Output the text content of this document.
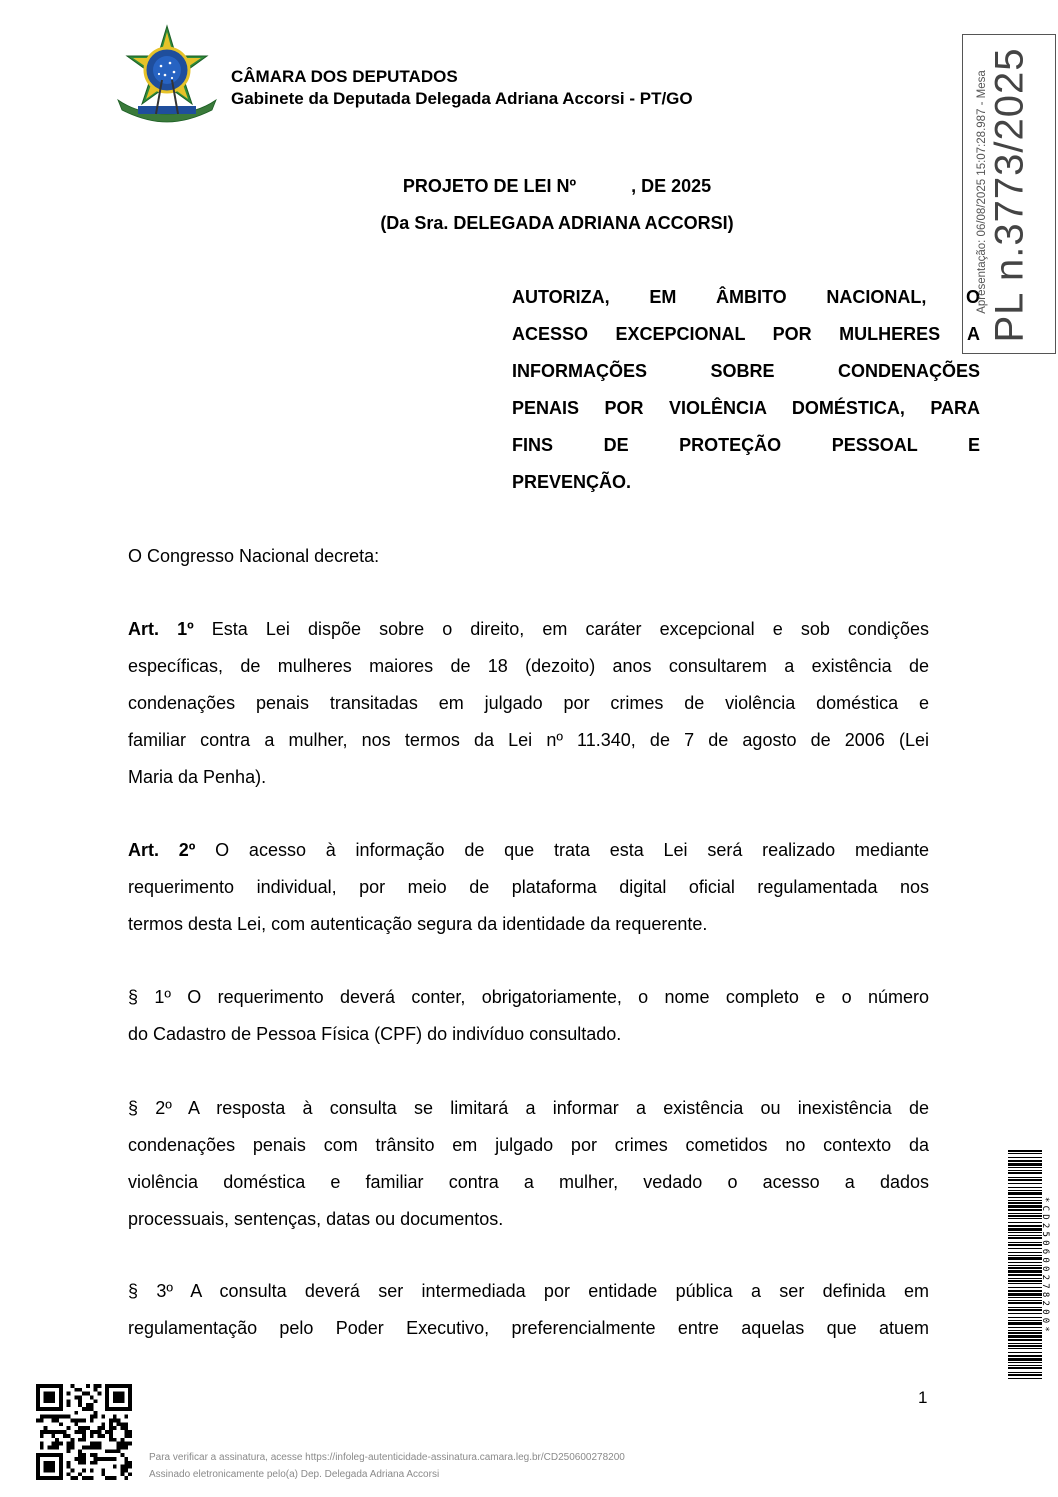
CÂMARA DOS DEPUTADOS
Gabinete da Deputada Delegada Adriana Accorsi - PT/GO
PROJETO DE LEI Nº           , DE 2025
(Da Sra. DELEGADA ADRIANA ACCORSI)
AUTORIZA, EM ÂMBITO NACIONAL, O
ACESSO EXCEPCIONAL POR MULHERES A
INFORMAÇÕES SOBRE CONDENAÇÕES
PENAIS POR VIOLÊNCIA DOMÉSTICA, PARA
FINS DE PROTEÇÃO PESSOAL E
PREVENÇÃO.
O Congresso Nacional decreta:
Art. 1º Esta Lei dispõe sobre o direito, em caráter excepcional e sob condições
específicas, de mulheres maiores de 18 (dezoito) anos consultarem a existência de
condenações penais transitadas em julgado por crimes de violência doméstica e
familiar contra a mulher, nos termos da Lei nº 11.340, de 7 de agosto de 2006 (Lei
Maria da Penha).
Art. 2º O acesso à informação de que trata esta Lei será realizado mediante
requerimento individual, por meio de plataforma digital oficial regulamentada nos
termos desta Lei, com autenticação segura da identidade da requerente.
§ 1º O requerimento deverá conter, obrigatoriamente, o nome completo e o número
do Cadastro de Pessoa Física (CPF) do indivíduo consultado.
§ 2º A resposta à consulta se limitará a informar a existência ou inexistência de
condenações penais com trânsito em julgado por crimes cometidos no contexto da
violência doméstica e familiar contra a mulher, vedado o acesso a dados
processuais, sentenças, datas ou documentos.
§ 3º A consulta deverá ser intermediada por entidade pública a ser definida em
regulamentação pelo Poder Executivo, preferencialmente entre aquelas que atuem
1
PL n.3773/2025
Apresentação: 06/08/2025 15:07:28.987 - Mesa
*CD250600278200*
Para verificar a assinatura, acesse https://infoleg-autenticidade-assinatura.camara.leg.br/CD250600278200
Assinado eletronicamente pelo(a) Dep. Delegada Adriana Accorsi
